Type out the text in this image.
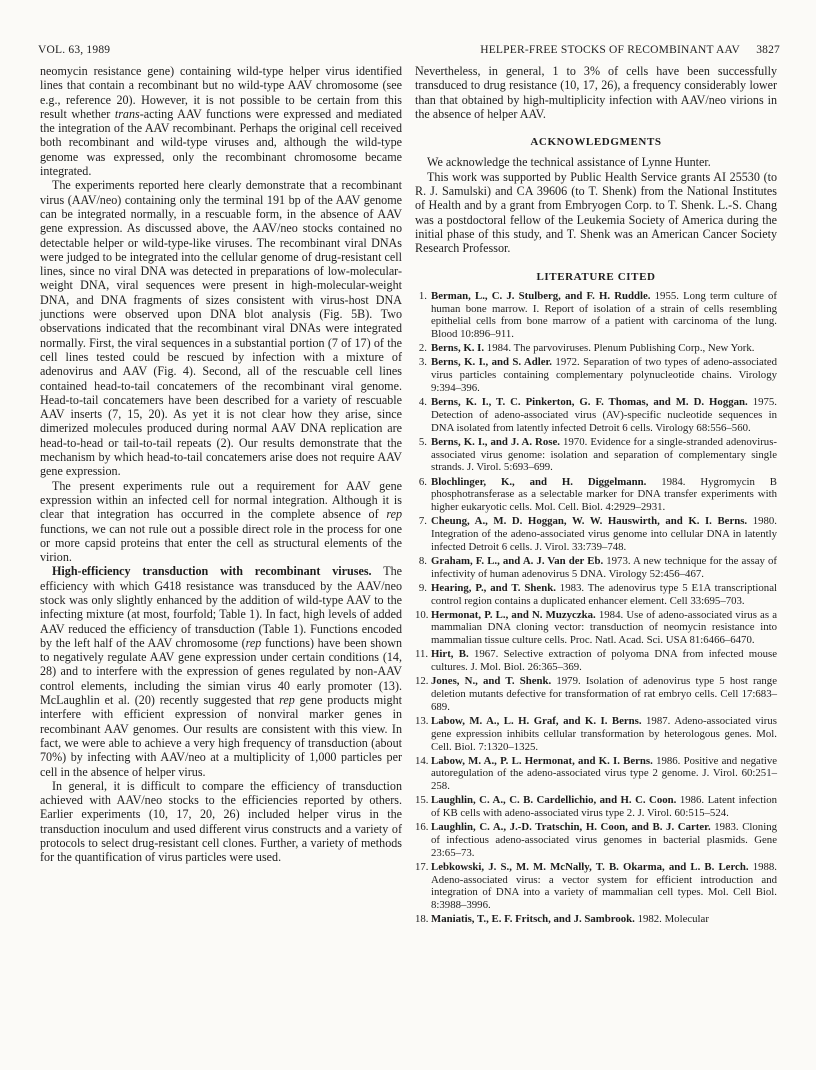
VOL. 63, 1989	HELPER-FREE STOCKS OF RECOMBINANT AAV 3827

neomycin resistance gene) containing wild-type helper virus identified lines that contain a recombinant but no wild-type AAV chromosome (see e.g., reference 20). However, it is not possible to be certain from this result whether trans-acting AAV functions were expressed and mediated the integration of the AAV recombinant. Perhaps the original cell received both recombinant and wild-type viruses and, although the wild-type genome was expressed, only the recombinant chromosome became integrated.

The experiments reported here clearly demonstrate that a recombinant virus (AAV/neo) containing only the terminal 191 bp of the AAV genome can be integrated normally, in a rescuable form, in the absence of AAV gene expression. As discussed above, the AAV/neo stocks contained no detectable helper or wild-type-like viruses. The recombinant viral DNAs were judged to be integrated into the cellular genome of drug-resistant cell lines, since no viral DNA was detected in preparations of low-molecular-weight DNA, viral sequences were present in high-molecular-weight DNA, and DNA fragments of sizes consistent with virus-host DNA junctions were observed upon DNA blot analysis (Fig. 5B). Two observations indicated that the recombinant viral DNAs were integrated normally. First, the viral sequences in a substantial portion (7 of 17) of the cell lines tested could be rescued by infection with a mixture of adenovirus and AAV (Fig. 4). Second, all of the rescuable cell lines contained head-to-tail concatemers of the recombinant viral genome. Head-to-tail concatemers have been described for a variety of rescuable AAV inserts (7, 15, 20). As yet it is not clear how they arise, since dimerized molecules produced during normal AAV DNA replication are head-to-head or tail-to-tail repeats (2). Our results demonstrate that the mechanism by which head-to-tail concatemers arise does not require AAV gene expression.

The present experiments rule out a requirement for AAV gene expression within an infected cell for normal integration. Although it is clear that integration has occurred in the complete absence of rep functions, we can not rule out a possible direct role in the process for one or more capsid proteins that enter the cell as structural elements of the virion.

High-efficiency transduction with recombinant viruses. The efficiency with which G418 resistance was transduced by the AAV/neo stock was only slightly enhanced by the addition of wild-type AAV to the infecting mixture (at most, fourfold; Table 1). In fact, high levels of added AAV reduced the efficiency of transduction (Table 1). Functions encoded by the left half of the AAV chromosome (rep functions) have been shown to negatively regulate AAV gene expression under certain conditions (14, 28) and to interfere with the expression of genes regulated by non-AAV control elements, including the simian virus 40 early promoter (13). McLaughlin et al. (20) recently suggested that rep gene products might interfere with efficient expression of nonviral marker genes in recombinant AAV genomes. Our results are consistent with this view. In fact, we were able to achieve a very high frequency of transduction (about 70%) by infecting with AAV/neo at a multiplicity of 1,000 particles per cell in the absence of helper virus.

In general, it is difficult to compare the efficiency of transduction achieved with AAV/neo stocks to the efficiencies reported by others. Earlier experiments (10, 17, 20, 26) included helper virus in the transduction inoculum and used different virus constructs and a variety of protocols to select drug-resistant cell clones. Further, a variety of methods for the quantification of virus particles were used.

Nevertheless, in general, 1 to 3% of cells have been successfully transduced to drug resistance (10, 17, 26), a frequency considerably lower than that obtained by high-multiplicity infection with AAV/neo virions in the absence of helper AAV.

ACKNOWLEDGMENTS

We acknowledge the technical assistance of Lynne Hunter.

This work was supported by Public Health Service grants AI 25530 (to R. J. Samulski) and CA 39606 (to T. Shenk) from the National Institutes of Health and by a grant from Embryogen Corp. to T. Shenk. L.-S. Chang was a postdoctoral fellow of the Leukemia Society of America during the initial phase of this study, and T. Shenk was an American Cancer Society Research Professor.

LITERATURE CITED
1. Berman, L., C. J. Stulberg, and F. H. Ruddle. 1955. Long term culture of human bone marrow. I. Report of isolation of a strain of cells resembling epithelial cells from bone marrow of a patient with carcinoma of the lung. Blood 10:896–911.
2. Berns, K. I. 1984. The parvoviruses. Plenum Publishing Corp., New York.
3. Berns, K. I., and S. Adler. 1972. Separation of two types of adeno-associated virus particles containing complementary polynucleotide chains. Virology 9:394–396.
4. Berns, K. I., T. C. Pinkerton, G. F. Thomas, and M. D. Hoggan. 1975. Detection of adeno-associated virus (AV)-specific nucleotide sequences in DNA isolated from latently infected Detroit 6 cells. Virology 68:556–560.
5. Berns, K. I., and J. A. Rose. 1970. Evidence for a single-stranded adenovirus-associated virus genome: isolation and separation of complementary single strands. J. Virol. 5:693–699.
6. Blochlinger, K., and H. Diggelmann. 1984. Hygromycin B phosphotransferase as a selectable marker for DNA transfer experiments with higher eukaryotic cells. Mol. Cell. Biol. 4:2929–2931.
7. Cheung, A., M. D. Hoggan, W. W. Hauswirth, and K. I. Berns. 1980. Integration of the adeno-associated virus genome into cellular DNA in latently infected Detroit 6 cells. J. Virol. 33:739–748.
8. Graham, F. L., and A. J. Van der Eb. 1973. A new technique for the assay of infectivity of human adenovirus 5 DNA. Virology 52:456–467.
9. Hearing, P., and T. Shenk. 1983. The adenovirus type 5 E1A transcriptional control region contains a duplicated enhancer element. Cell 33:695–703.
10. Hermonat, P. L., and N. Muzyczka. 1984. Use of adeno-associated virus as a mammalian DNA cloning vector: transduction of neomycin resistance into mammalian tissue culture cells. Proc. Natl. Acad. Sci. USA 81:6466–6470.
11. Hirt, B. 1967. Selective extraction of polyoma DNA from infected mouse cultures. J. Mol. Biol. 26:365–369.
12. Jones, N., and T. Shenk. 1979. Isolation of adenovirus type 5 host range deletion mutants defective for transformation of rat embryo cells. Cell 17:683–689.
13. Labow, M. A., L. H. Graf, and K. I. Berns. 1987. Adeno-associated virus gene expression inhibits cellular transformation by heterologous genes. Mol. Cell. Biol. 7:1320–1325.
14. Labow, M. A., P. L. Hermonat, and K. I. Berns. 1986. Positive and negative autoregulation of the adeno-associated virus type 2 genome. J. Virol. 60:251–258.
15. Laughlin, C. A., C. B. Cardellichio, and H. C. Coon. 1986. Latent infection of KB cells with adeno-associated virus type 2. J. Virol. 60:515–524.
16. Laughlin, C. A., J.-D. Tratschin, H. Coon, and B. J. Carter. 1983. Cloning of infectious adeno-associated virus genomes in bacterial plasmids. Gene 23:65–73.
17. Lebkowski, J. S., M. M. McNally, T. B. Okarma, and L. B. Lerch. 1988. Adeno-associated virus: a vector system for efficient introduction and integration of DNA into a variety of mammalian cell types. Mol. Cell Biol. 8:3988–3996.
18. Maniatis, T., E. F. Fritsch, and J. Sambrook. 1982. Molecular
